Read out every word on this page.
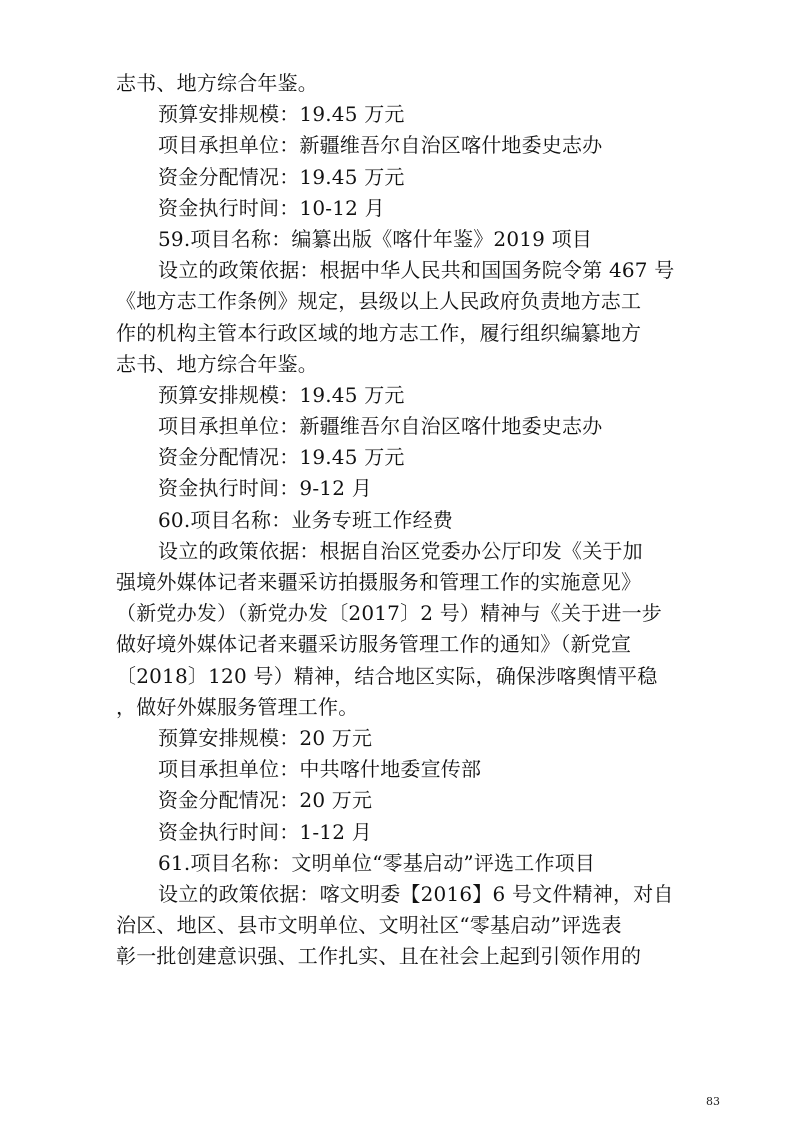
志书、地方综合年鉴。
预算安排规模：19.45 万元
项目承担单位：新疆维吾尔自治区喀什地委史志办
资金分配情况：19.45 万元
资金执行时间：10-12 月
59.项目名称：编纂出版《喀什年鉴》2019 项目
设立的政策依据：根据中华人民共和国国务院令第 467 号
《地方志工作条例》规定，县级以上人民政府负责地方志工
作的机构主管本行政区域的地方志工作，履行组织编纂地方
志书、地方综合年鉴。
预算安排规模：19.45 万元
项目承担单位：新疆维吾尔自治区喀什地委史志办
资金分配情况：19.45 万元
资金执行时间：9-12 月
60.项目名称：业务专班工作经费
设立的政策依据：根据自治区党委办公厅印发《关于加
强境外媒体记者来疆采访拍摄服务和管理工作的实施意见》
（新党办发）（新党办发〔2017〕2 号）精神与《关于进一步
做好境外媒体记者来疆采访服务管理工作的通知》（新党宣
〔2018〕120 号）精神，结合地区实际，确保涉喀舆情平稳
，做好外媒服务管理工作。
预算安排规模：20 万元
项目承担单位：中共喀什地委宣传部
资金分配情况：20 万元
资金执行时间：1-12 月
61.项目名称：文明单位“零基启动”评选工作项目
设立的政策依据：喀文明委【2016】6 号文件精神，对自
治区、地区、县市文明单位、文明社区“零基启动”评选表
彰一批创建意识强、工作扎实、且在社会上起到引领作用的
83
